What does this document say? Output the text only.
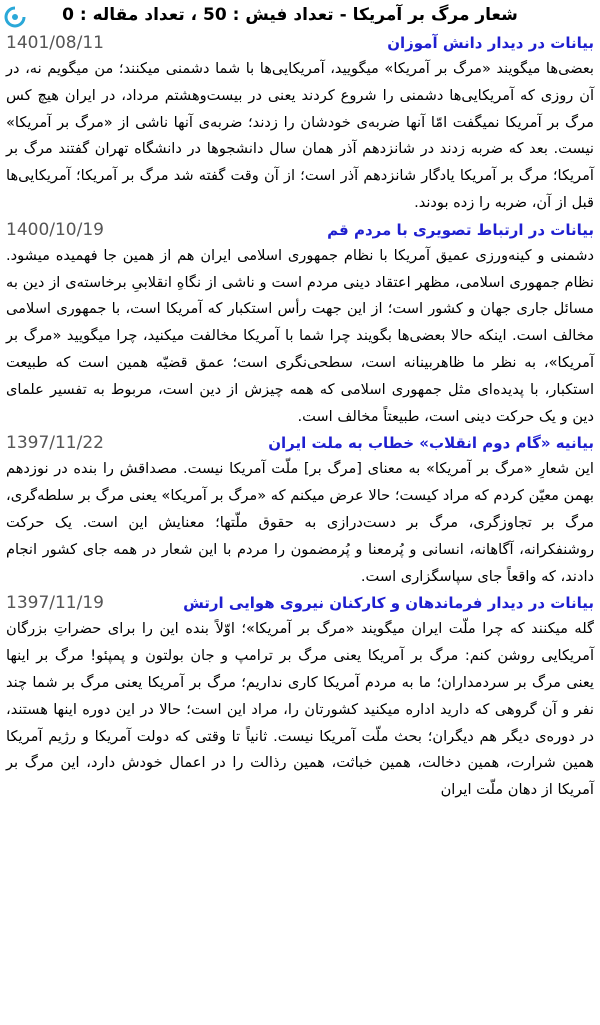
شعار مرگ بر آمریکا - تعداد فیش : 50 ، تعداد مقاله : 0
بیانات در دیدار دانش آموزان
1401/08/11

بعضی‌ها میگویند «مرگ بر آمریکا» میگویید، آمریکایی‌ها با شما دشمنی میکنند؛ من میگویم نه، در آن روزی که آمریکایی‌ها دشمنی را شروع کردند یعنی در بیست‌وهشتم مرداد، در ایران هیچ کس مرگ بر آمریکا نمیگفت امّا آنها ضربه‌ی خودشان را زدند؛ ضربه‌ی آنها ناشی از «مرگ بر آمریکا» نیست. بعد که ضربه زدند در شانزدهم آذر همان سال دانشجوها در دانشگاه تهران گفتند مرگ بر آمریکا؛ مرگ بر آمریکا یادگار شانزدهم آذر است؛ از آن وقت گفته شد مرگ بر آمریکا؛ آمریکایی‌ها قبل از آن، ضربه را زده بودند.

بیانات در ارتباط تصویری با مردم قم
1400/10/19

دشمنی و کینه‌ورزی عمیق آمریکا با نظام جمهوری اسلامی ایران هم از همین جا فهمیده میشود. نظام جمهوری اسلامی، مظهر اعتقاد دینی مردم است و ناشی از نگاهِ انقلابیِ برخاسته‌ی از دین به مسائل جاری جهان و کشور است؛ از این جهت رأس استکبار که آمریکا است، با جمهوری اسلامی مخالف است. اینکه حالا بعضی‌ها بگویند چرا شما با آمریکا مخالفت میکنید، چرا میگویید «مرگ بر آمریکا»، به نظر ما ظاهربینانه است، سطحی‌نگری است؛ عمق قضیّه همین است که طبیعت استکبار، با پدیده‌ای مثل جمهوری اسلامی که همه چیزش از دین است، مربوط به تفسیر علمای دین و یک حرکت دینی است، طبیعتاً مخالف است.

بیانیه «گام دوم انقلاب» خطاب به ملت ایران
1397/11/22

این شعارِ «مرگ بر آمریکا» به معنای [مرگ بر] ملّت آمریکا نیست. مصداقش را بنده در نوزدهم بهمن معیّن کردم که مراد کیست؛ حالا عرض میکنم که «مرگ بر آمریکا» یعنی مرگ بر سلطه‌گری، مرگ بر تجاوزگری، مرگ بر دست‌درازی به حقوق ملّتها؛ معنایش این است. یک حرکت روشنفکرانه، آگاهانه، انسانی و پُرمعنا و پُرمضمون را مردم با این شعار در همه جای کشور انجام دادند، که واقعاً جای سپاسگزاری است.

بیانات در دیدار فرماندهان و کارکنان نیروی هوایی ارتش
1397/11/19

گله میکنند که چرا ملّت ایران میگویند «مرگ بر آمریکا»؛ اوّلاً بنده این را برای حضراتِ بزرگان آمریکایی روشن کنم: مرگ بر آمریکا یعنی مرگ بر ترامپ و جان بولتون و پمپئو! مرگ بر اینها یعنی مرگ بر سردمداران؛ ما به مردم آمریکا کاری نداریم؛ مرگ بر آمریکا یعنی مرگ بر شما چند نفر و آن گروهی که دارید اداره میکنید کشورتان را، مراد این است؛ حالا در این دوره اینها هستند، در دوره‌ی دیگر هم دیگران؛ بحث ملّت آمریکا نیست. ثانیاً تا وقتی که دولت آمریکا و رژیم آمریکا همین شرارت، همین دخالت، همین خباثت، همین رذالت را در اعمال خودش دارد، این مرگ بر آمریکا از دهان ملّت ایران
